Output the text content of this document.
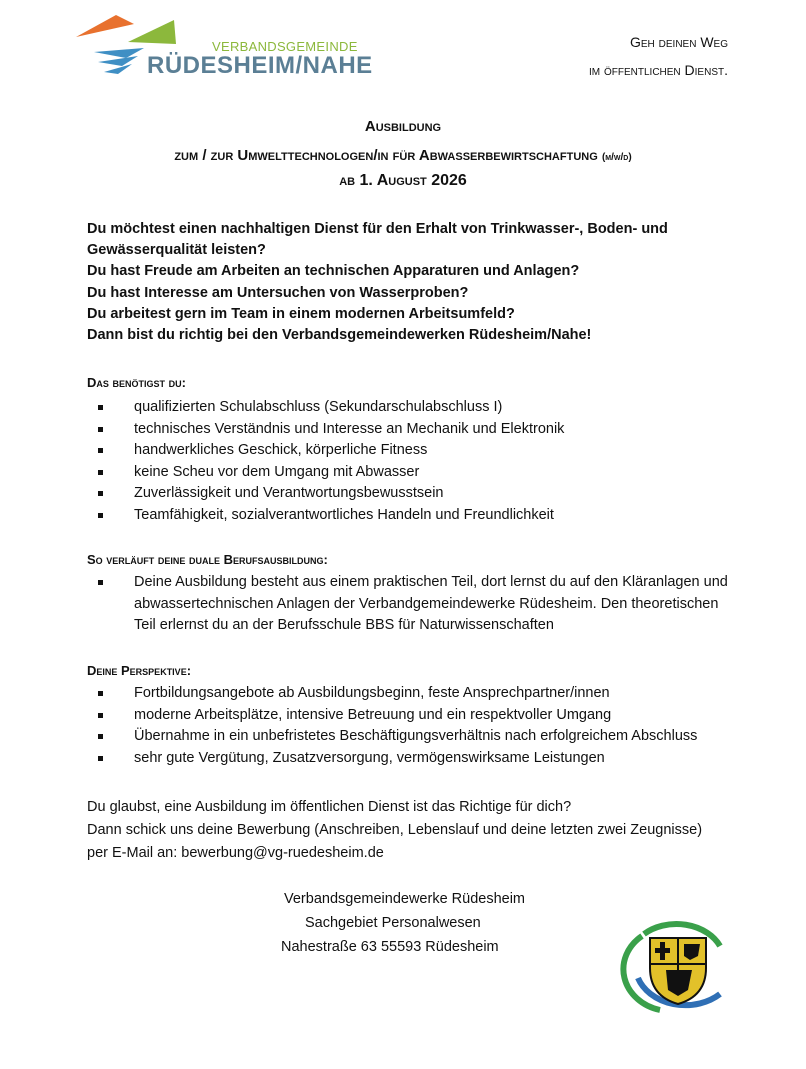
VERBANDSGEMEINDE
RÜDESHEIM/NAHE
Geh deinen Weg
im öffentlichen Dienst.
Ausbildung
zum / zur Umwelttechnologen/in für Abwasserbewirtschaftung (m/w/d)
ab 1. August 2026
Du möchtest einen nachhaltigen Dienst für den Erhalt von Trinkwasser-, Boden- und
Gewässerqualität leisten?
Du hast Freude am Arbeiten an technischen Apparaturen und Anlagen?
Du hast Interesse am Untersuchen von Wasserproben?
Du arbeitest gern im Team in einem modernen Arbeitsumfeld?
Dann bist du richtig bei den Verbandsgemeindewerken Rüdesheim/Nahe!
Das benötigst du:
qualifizierten Schulabschluss (Sekundarschulabschluss I)
technisches Verständnis und Interesse an Mechanik und Elektronik
handwerkliches Geschick, körperliche Fitness
keine Scheu vor dem Umgang mit Abwasser
Zuverlässigkeit und Verantwortungsbewusstsein
Teamfähigkeit, sozialverantwortliches Handeln und Freundlichkeit
So verläuft deine duale Berufsausbildung:
Deine Ausbildung besteht aus einem praktischen Teil, dort lernst du auf den Kläranlagen und abwassertechnischen Anlagen der Verbandgemeindewerke Rüdesheim. Den theoretischen Teil erlernst du an der Berufsschule BBS für Naturwissenschaften
Deine Perspektive:
Fortbildungsangebote ab Ausbildungsbeginn, feste Ansprechpartner/innen
moderne Arbeitsplätze, intensive Betreuung und ein respektvoller Umgang
Übernahme in ein unbefristetes Beschäftigungsverhältnis nach erfolgreichem Abschluss
sehr gute Vergütung, Zusatzversorgung, vermögenswirksame Leistungen
Du glaubst, eine Ausbildung im öffentlichen Dienst ist das Richtige für dich?
Dann schick uns deine Bewerbung (Anschreiben, Lebenslauf und deine letzten zwei Zeugnisse)
per E-Mail an: bewerbung@vg-ruedesheim.de
Verbandsgemeindewerke Rüdesheim
Sachgebiet Personalwesen
Nahestraße 63 55593 Rüdesheim
